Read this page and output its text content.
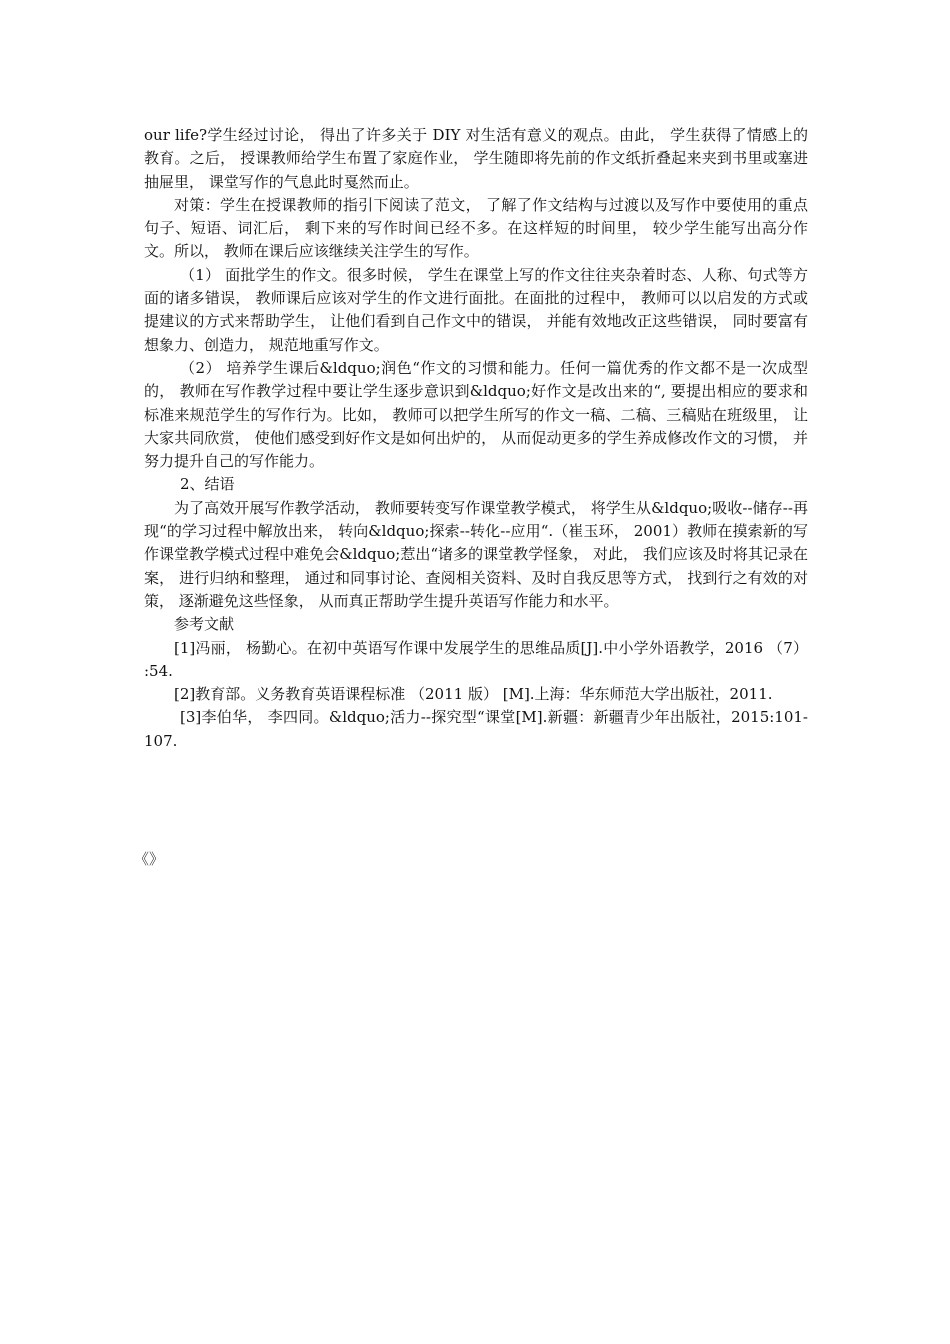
our life?学生经过讨论， 得出了许多关于 DIY 对生活有意义的观点。由此， 学生获得了情感上的教育。之后， 授课教师给学生布置了家庭作业， 学生随即将先前的作文纸折叠起来夹到书里或塞进抽屉里， 课堂写作的气息此时戛然而止。

对策：学生在授课教师的指引下阅读了范文， 了解了作文结构与过渡以及写作中要使用的重点句子、短语、词汇后， 剩下来的写作时间已经不多。在这样短的时间里， 较少学生能写出高分作文。所以， 教师在课后应该继续关注学生的写作。

（1） 面批学生的作文。很多时候， 学生在课堂上写的作文往往夹杂着时态、人称、句式等方面的诸多错误， 教师课后应该对学生的作文进行面批。在面批的过程中， 教师可以以启发的方式或提建议的方式来帮助学生， 让他们看到自己作文中的错误， 并能有效地改正这些错误， 同时要富有想象力、创造力， 规范地重写作文。

（2） 培养学生课后&ldquo;润色“作文的习惯和能力。任何一篇优秀的作文都不是一次成型的， 教师在写作教学过程中要让学生逐步意识到&ldquo;好作文是改出来的“, 要提出相应的要求和标准来规范学生的写作行为。比如， 教师可以把学生所写的作文一稿、二稿、三稿贴在班级里， 让大家共同欣赏， 使他们感受到好作文是如何出炉的， 从而促动更多的学生养成修改作文的习惯， 并努力提升自己的写作能力。

2、结语

为了高效开展写作教学活动， 教师要转变写作课堂教学模式， 将学生从&ldquo;吸收--储存--再现“的学习过程中解放出来， 转向&ldquo;探索--转化--应用“.（崔玉环， 2001）教师在摸索新的写作课堂教学模式过程中难免会&ldquo;惹出“诸多的课堂教学怪象， 对此， 我们应该及时将其记录在案， 进行归纳和整理， 通过和同事讨论、查阅相关资料、及时自我反思等方式， 找到行之有效的对策， 逐渐避免这些怪象， 从而真正帮助学生提升英语写作能力和水平。

参考文献

[1]冯丽， 杨勤心。在初中英语写作课中发展学生的思维品质[J].中小学外语教学，2016 （7） :54.

[2]教育部。义务教育英语课程标准 （2011 版） [M].上海：华东师范大学出版社，2011.

[3]李伯华， 李四同。&ldquo;活力--探究型“课堂[M].新疆：新疆青少年出版社，2015:101-107.

《》
